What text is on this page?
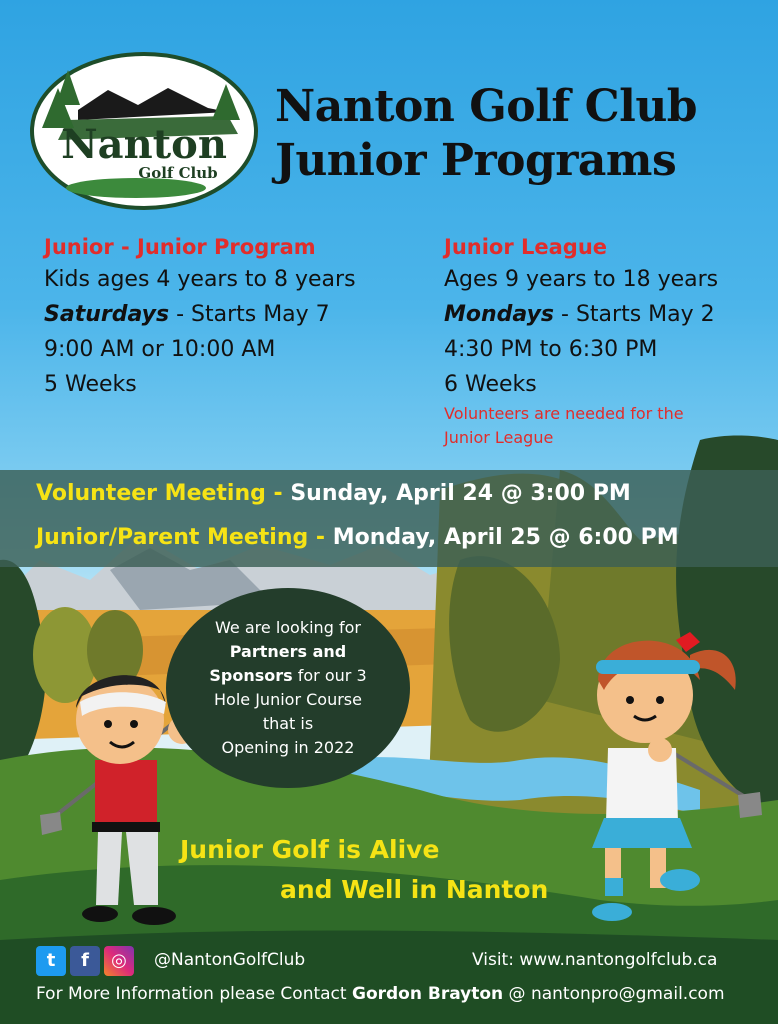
Nanton
Golf Club
Nanton Golf Club
Junior Programs
Junior - Junior Program
Kids ages 4 years to 8 years
Saturdays - Starts May 7
9:00 AM or 10:00 AM
5 Weeks
Junior League
Ages 9 years to 18 years
Mondays - Starts May 2
4:30 PM to 6:30 PM
6 Weeks
Volunteers are needed for the Junior League
Volunteer Meeting - Sunday, April 24 @ 3:00 PM
Junior/Parent Meeting - Monday, April 25 @ 6:00 PM
We are looking for
Partners and
Sponsors for our 3
Hole Junior Course
that is
Opening in 2022
Junior Golf is Alive
and Well in Nanton
t f ◎	@NantonGolfClub	Visit: www.nantongolfclub.ca
For More Information please Contact Gordon Brayton @ nantonpro@gmail.com
